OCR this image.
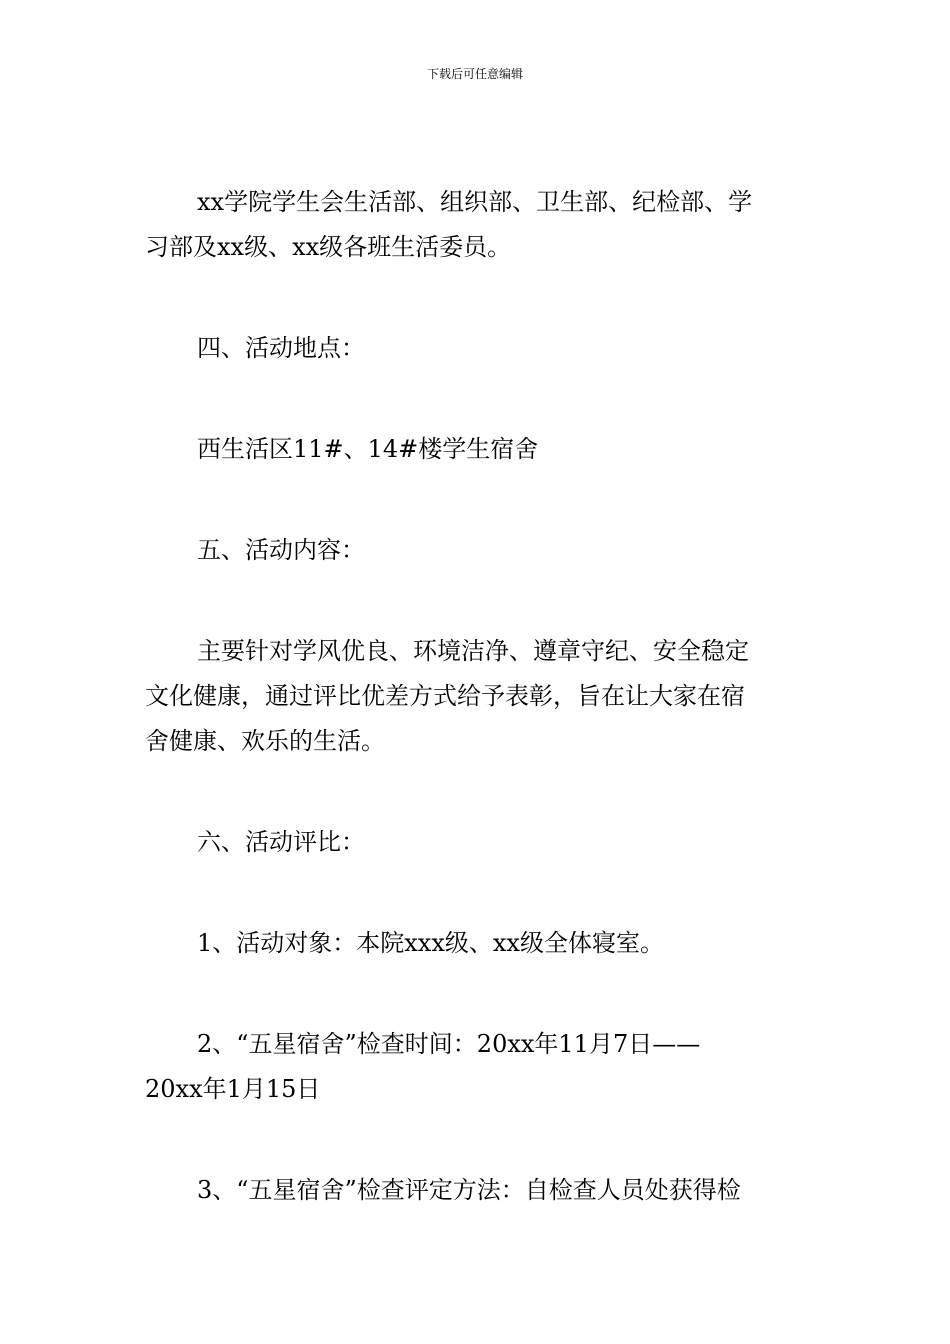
下载后可任意编辑
xx学院学生会生活部、组织部、卫生部、纪检部、学
习部及xx级、xx级各班生活委员。
四、活动地点：
西生活区11#、14#楼学生宿舍
五、活动内容：
主要针对学风优良、环境洁净、遵章守纪、安全稳定
文化健康，通过评比优差方式给予表彰，旨在让大家在宿
舍健康、欢乐的生活。
六、活动评比：
1、活动对象：本院xxx级、xx级全体寝室。
2、“五星宿舍”检查时间：20xx年11月7日——
20xx年1月15日
3、“五星宿舍”检查评定方法：自检查人员处获得检
